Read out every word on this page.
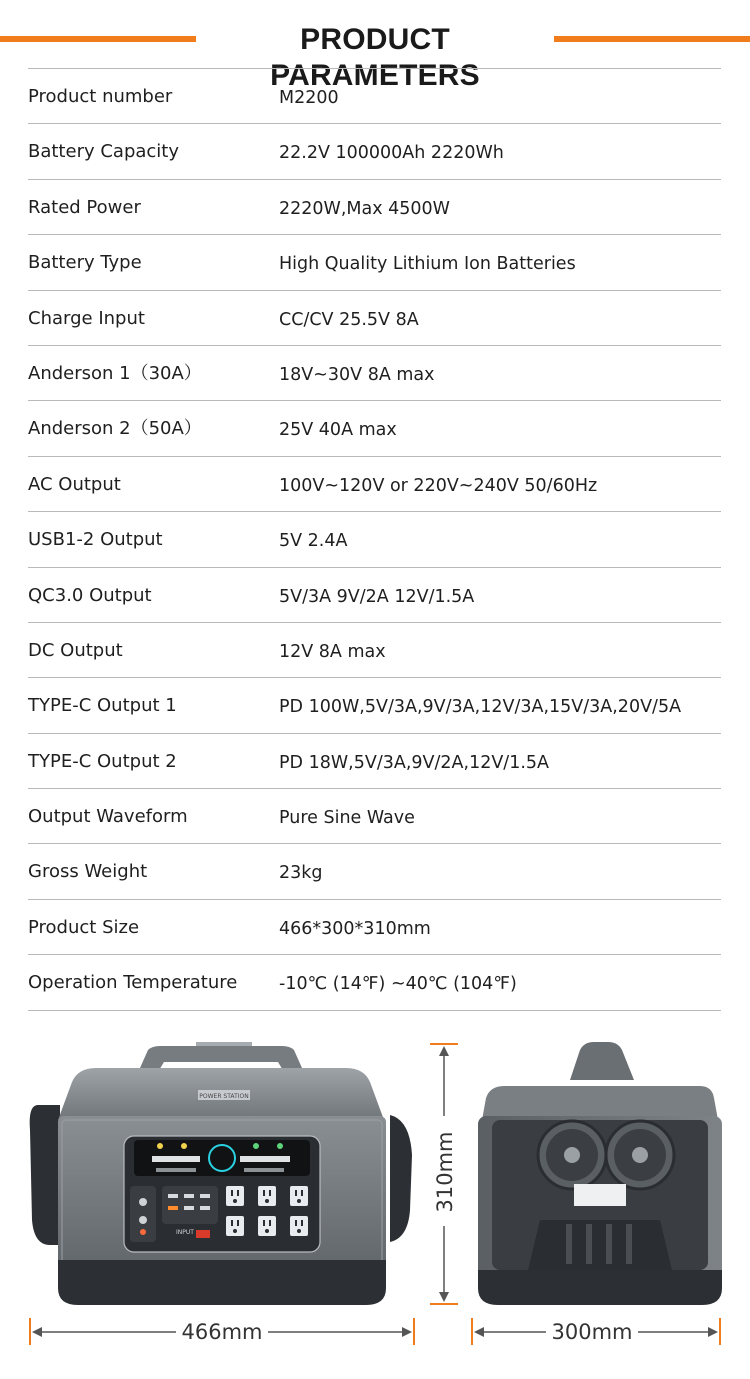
PRODUCT PARAMETERS
Product number	M2200
Battery Capacity	22.2V 100000Ah 2220Wh
Rated Power	2220W,Max 4500W
Battery Type	High Quality Lithium Ion Batteries
Charge Input	CC/CV 25.5V 8A
Anderson 1（30A）	18V~30V 8A max
Anderson 2（50A）	25V 40A max
AC Output	100V~120V or 220V~240V 50/60Hz
USB1-2 Output	5V 2.4A
QC3.0 Output	5V/3A 9V/2A 12V/1.5A
DC Output	12V 8A max
TYPE-C Output 1	PD 100W,5V/3A,9V/3A,12V/3A,15V/3A,20V/5A
TYPE-C Output 2	PD 18W,5V/3A,9V/2A,12V/1.5A
Output Waveform	Pure Sine Wave
Gross Weight	23kg
Product Size	466*300*310mm
Operation Temperature -10℃ (14℉) ~40℃ (104℉)
POWER STATION
INPUT
310mm
466mm	300mm
